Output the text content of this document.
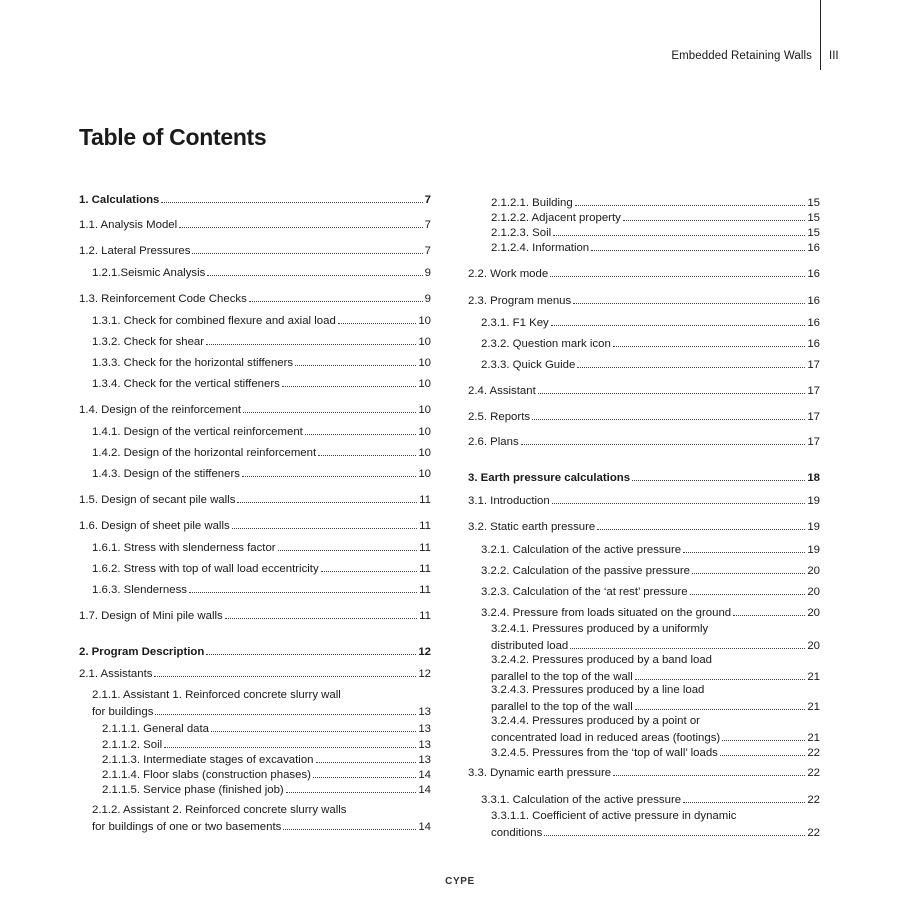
Embedded Retaining Walls III
Table of Contents
1. Calculations	7
1.1. Analysis Model	7
1.2. Lateral Pressures	7
1.2.1.Seismic Analysis	9
1.3. Reinforcement Code Checks	9
1.3.1. Check for combined flexure and axial load	10
1.3.2. Check for shear	10
1.3.3. Check for the horizontal stiffeners	10
1.3.4. Check for the vertical stiffeners	10
1.4. Design of the reinforcement	10
1.4.1. Design of the vertical reinforcement	10
1.4.2. Design of the horizontal reinforcement	10
1.4.3. Design of the stiffeners	10
1.5. Design of secant pile walls	11
1.6. Design of sheet pile walls	11
1.6.1. Stress with slenderness factor	11
1.6.2. Stress with top of wall load eccentricity	11
1.6.3. Slenderness	11
1.7. Design of Mini pile walls	11
2. Program Description	12
2.1. Assistants	12
2.1.1. Assistant 1. Reinforced concrete slurry wall
for buildings	13
2.1.1.1. General data	13
2.1.1.2. Soil	13
2.1.1.3. Intermediate stages of excavation	13
2.1.1.4. Floor slabs (construction phases)	14
2.1.1.5. Service phase (finished job)	14
2.1.2. Assistant 2. Reinforced concrete slurry walls
for buildings of one or two basements	14
2.1.2.1. Building	15
2.1.2.2. Adjacent property	15
2.1.2.3. Soil	15
2.1.2.4. Information	16
2.2. Work mode	16
2.3. Program menus	16
2.3.1. F1 Key	16
2.3.2. Question mark icon	16
2.3.3. Quick Guide	17
2.4. Assistant	17
2.5. Reports	17
2.6. Plans	17
3. Earth pressure calculations	18
3.1. Introduction	19
3.2. Static earth pressure	19
3.2.1. Calculation of the active pressure	19
3.2.2. Calculation of the passive pressure	20
3.2.3. Calculation of the ‘at rest’ pressure	20
3.2.4. Pressure from loads situated on the ground	20
3.2.4.1. Pressures produced by a uniformly
distributed load	20
3.2.4.2. Pressures produced by a band load
parallel to the top of the wall	21
3.2.4.3. Pressures produced by a line load
parallel to the top of the wall	21
3.2.4.4. Pressures produced by a point or
concentrated load in reduced areas (footings)	21
3.2.4.5. Pressures from the ‘top of wall’ loads	22
3.3. Dynamic earth pressure	22
3.3.1. Calculation of the active pressure	22
3.3.1.1. Coefficient of active pressure in dynamic
conditions	22
CYPE
